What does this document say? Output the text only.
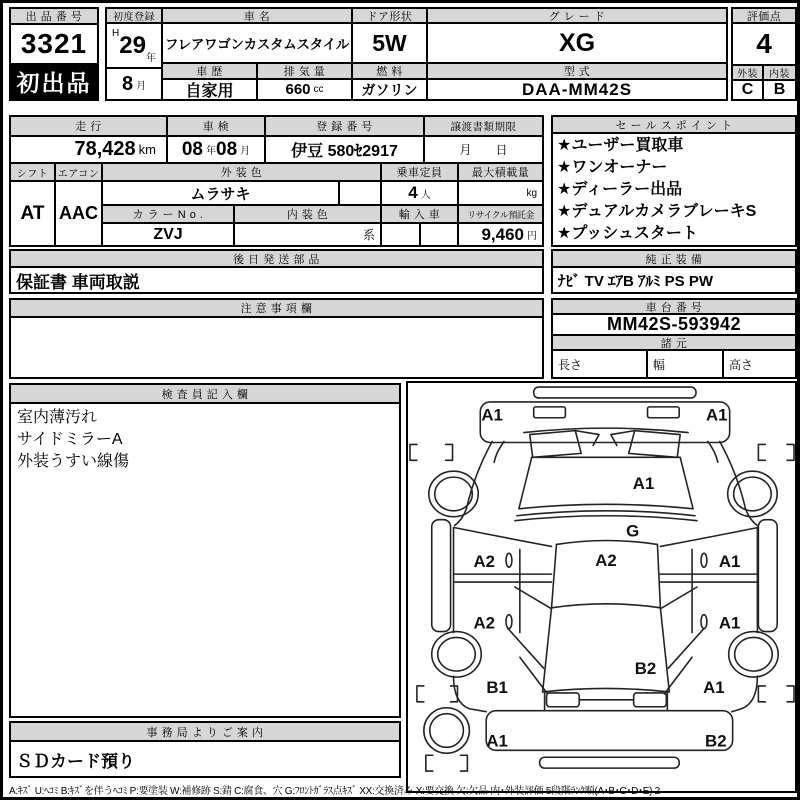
出 品 番 号
3321
初出品
初度登録
H 29 年
8 月
車 名
フレアワゴンカスタムスタイル
車 歴	排 気 量
自家用	660 cc
ドア形状
5W
燃 料
ガソリン
グ レ ー ド
XG
型 式
DAA-MM42S
評価点
4
外装	内装
C	B
走 行	車 検	登 録 番 号	譲渡書類期限
78,428 km 08 年 08 月	伊豆 580ｾ2917	月　　日
シフト エアコン	外 装 色	乗車定員	最大積載量
AT AAC
ムラサキ	4 人	kg
カ ラ ー N o .	内 装 色	輸 入 車	リサイクル預託金
ZVJ	系	9,460 円
セ ー ル ス ポ イ ン ト
★ユーザー買取車
★ワンオーナー
★ディーラー出品
★デュアルカメラブレーキS
★プッシュスタート
後 日 発 送 部 品
保証書 車両取説
純 正 装 備
ﾅﾋﾞ TV ｴｱB ｱﾙﾐ PS PW
注 意 事 項 欄	車 台 番 号
MM42S-593942
諸 元
長さ	幅	高さ
検 査 員 記 入 欄
室内薄汚れ
サイドミラーA
外装うすい線傷
A1	A1
A1
G
A2	A2	A1
A2	A1
B1
B2
A1
A1	B2
事 務 局 よ り ご 案 内
ＳＤカード預り
A:ｷｽﾞ U:ﾍｺﾐ B:ｷｽﾞを伴うﾍｺﾐ P:要塗装 W:補修跡 S:錆 C:腐食、穴 G:ﾌﾛﾝﾄｶﾞﾗｽ点ｷｽﾞ XX:交換済み X:要交換 欠:欠品 内･外装評価 5段階ﾗﾝｸ順(A･B･C･D･E) 2
